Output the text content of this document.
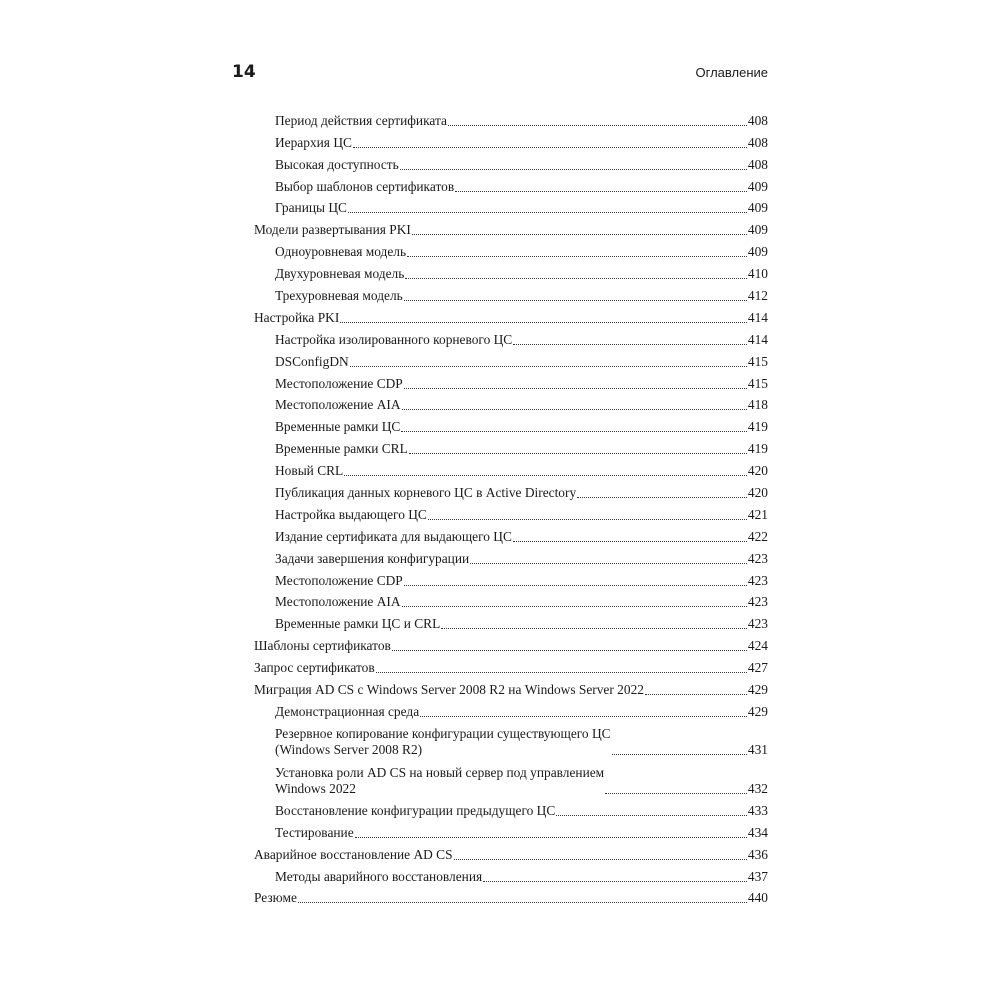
14	Оглавление
Период действия сертификата	408
Иерархия ЦС	408
Высокая доступность	408
Выбор шаблонов сертификатов	409
Границы ЦС	409
Модели развертывания PKI	409
Одноуровневая модель	409
Двухуровневая модель	410
Трехуровневая модель	412
Настройка PKI	414
Настройка изолированного корневого ЦС	414
DSConfigDN	415
Местоположение CDP	415
Местоположение AIA	418
Временные рамки ЦС	419
Временные рамки CRL	419
Новый CRL	420
Публикация данных корневого ЦС в Active Directory	420
Настройка выдающего ЦС	421
Издание сертификата для выдающего ЦС	422
Задачи завершения конфигурации	423
Местоположение CDP	423
Местоположение AIA	423
Временные рамки ЦС и CRL	423
Шаблоны сертификатов	424
Запрос сертификатов	427
Миграция AD CS с Windows Server 2008 R2 на Windows Server 2022	429
Демонстрационная среда	429
Резервное копирование конфигурации существующего ЦС
(Windows Server 2008 R2)	431
Установка роли AD CS на новый сервер под управлением
Windows 2022	432
Восстановление конфигурации предыдущего ЦС	433
Тестирование	434
Аварийное восстановление AD CS	436
Методы аварийного восстановления	437
Резюме	440
